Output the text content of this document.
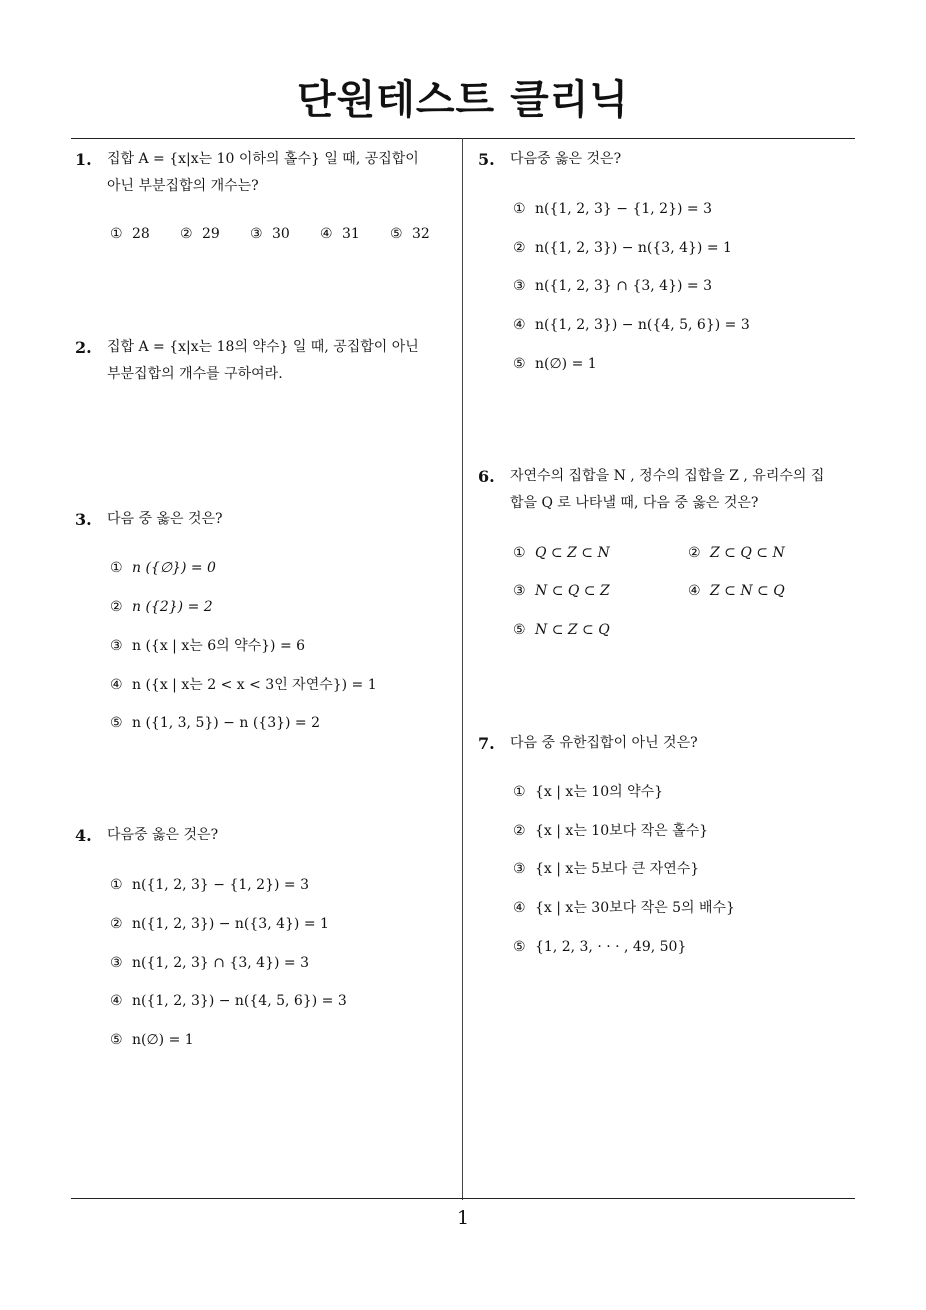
단원테스트 클리닉
1
1. 집합 A = {x|x는 10 이하의 홀수} 일 때, 공집합이
아닌 부분집합의 개수는?
① 28 ② 29 ③ 30 ④ 31 ⑤ 32
2. 집합 A = {x|x는 18의 약수} 일 때, 공집합이 아닌
부분집합의 개수를 구하여라.
3. 다음 중 옳은 것은?
① n ({∅}) = 0
② n ({2}) = 2
③ n ({x | x는 6의 약수}) = 6
④ n ({x | x는 2 < x < 3인 자연수}) = 1
⑤ n ({1, 3, 5}) − n ({3}) = 2
4. 다음중 옳은 것은?
① n({1, 2, 3} − {1, 2}) = 3
② n({1, 2, 3}) − n({3, 4}) = 1
③ n({1, 2, 3} ∩ {3, 4}) = 3
④ n({1, 2, 3}) − n({4, 5, 6}) = 3
⑤ n(∅) = 1
5. 다음중 옳은 것은?
① n({1, 2, 3} − {1, 2}) = 3
② n({1, 2, 3}) − n({3, 4}) = 1
③ n({1, 2, 3} ∩ {3, 4}) = 3
④ n({1, 2, 3}) − n({4, 5, 6}) = 3
⑤ n(∅) = 1
6. 자연수의 집합을 N , 정수의 집합을 Z , 유리수의 집
합을 Q 로 나타낼 때, 다음 중 옳은 것은?
① Q ⊂ Z ⊂ N	② Z ⊂ Q ⊂ N
③ N ⊂ Q ⊂ Z	④ Z ⊂ N ⊂ Q
⑤ N ⊂ Z ⊂ Q
7. 다음 중 유한집합이 아닌 것은?
① {x | x는 10의 약수}
② {x | x는 10보다 작은 홀수}
③ {x | x는 5보다 큰 자연수}
④ {x | x는 30보다 작은 5의 배수}
⑤ {1, 2, 3, · · · , 49, 50}
